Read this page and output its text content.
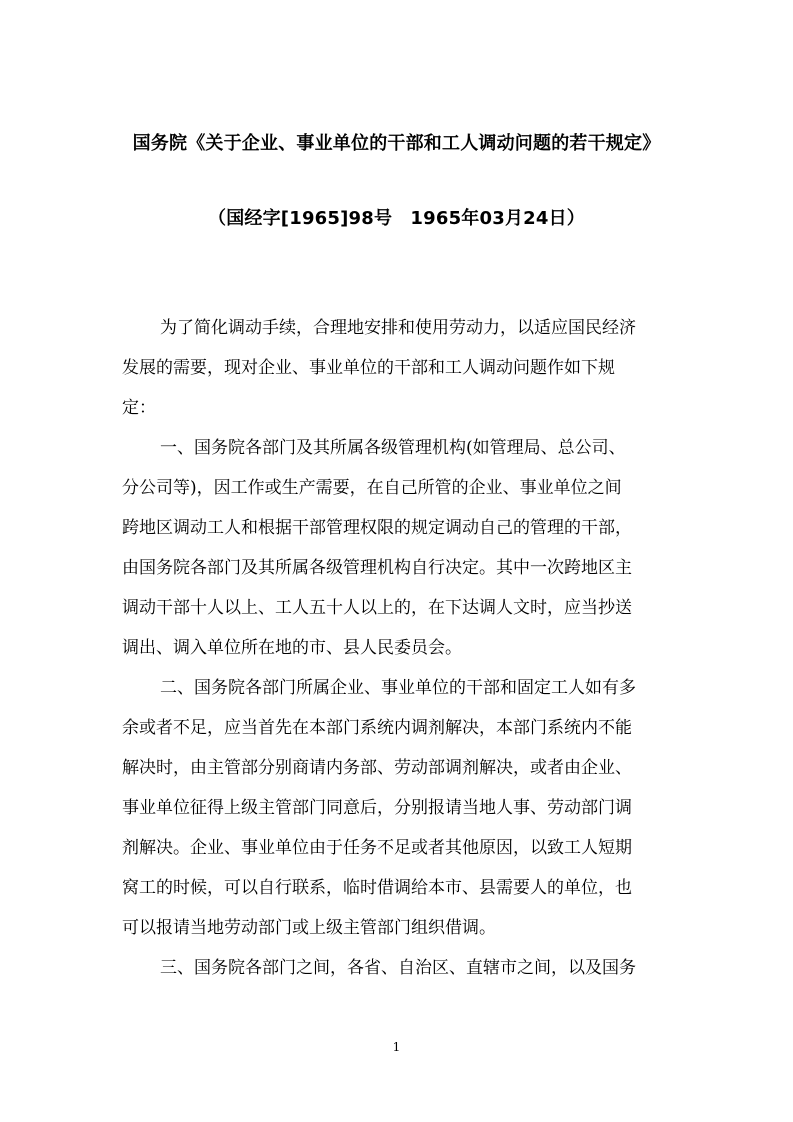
国务院《关于企业、事业单位的干部和工人调动问题的若干规定》
（国经字[1965]98号　1965年03月24日）
为了简化调动手续，合理地安排和使用劳动力，以适应国民经济
发展的需要，现对企业、事业单位的干部和工人调动问题作如下规
定：
一、国务院各部门及其所属各级管理机构(如管理局、总公司、
分公司等)，因工作或生产需要，在自己所管的企业、事业单位之间
跨地区调动工人和根据干部管理权限的规定调动自己的管理的干部，
由国务院各部门及其所属各级管理机构自行决定。其中一次跨地区主
调动干部十人以上、工人五十人以上的，在下达调人文时，应当抄送
调出、调入单位所在地的市、县人民委员会。
二、国务院各部门所属企业、事业单位的干部和固定工人如有多
余或者不足，应当首先在本部门系统内调剂解决，本部门系统内不能
解决时，由主管部分别商请内务部、劳动部调剂解决，或者由企业、
事业单位征得上级主管部门同意后，分别报请当地人事、劳动部门调
剂解决。企业、事业单位由于任务不足或者其他原因，以致工人短期
窝工的时候，可以自行联系，临时借调给本市、县需要人的单位，也
可以报请当地劳动部门或上级主管部门组织借调。
三、国务院各部门之间，各省、自治区、直辖市之间，以及国务
1
